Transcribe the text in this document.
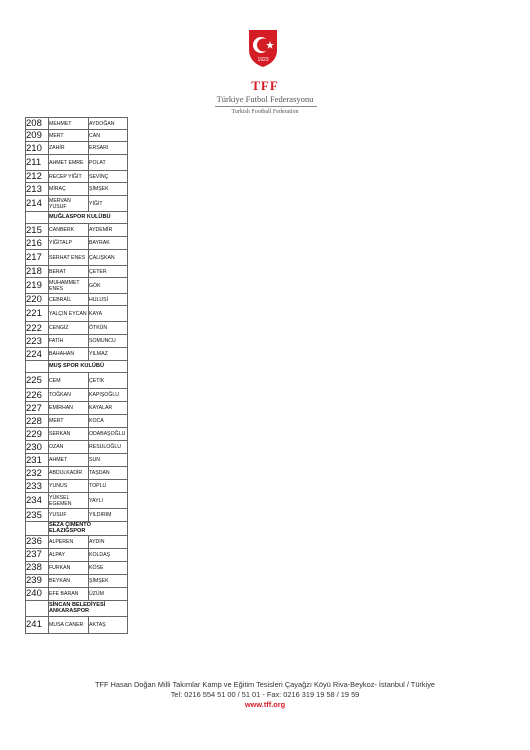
1923
TFF
Türkiye Futbol Federasyonu
Turkish Football Federation
208	MEHMET	AYDOĞAN
209	MERT	CAN
210	ZAHİR	ERSARI
211	AHMET EMRE	POLAT
212	RECEP YİĞİT	SEVİNÇ
213	MİRAÇ	ŞİMŞEK
214	MERVAN YUSUF	YİĞİT
	MUĞLASPOR KULÜBÜ	
215	CANBERK	AYDEMİR
216	YİĞİTALP	BAYRAK
217	SERHAT ENES	ÇALIŞKAN
218	BERAT	ÇETER
219	MUHAMMET ENES	GÖK
220	CEBRAİL	HULUSİ
221	YALÇIN EYCAN	KAYA
222	CENGİZ	ÖTKÜN
223	FATİH	SOMUNCU
224	BAHAHAN	YILMAZ
	MUŞ SPOR KULÜBÜ	
225	CEM	ÇETİK
226	TOĞKAN	KAPIŞOĞLU
227	EMİRHAN	KAYALAR
228	MERT	KOCA
229	SERKAN	ODABAŞOĞLU
230	OZAN	RESULOĞLU
231	AHMET	SUN
232	ABDULKADİR	TAŞDAN
233	YUNUS	TOPLU
234	YÜKSEL EGEMEN	YAYLI
235	YUSUF	YILDIRIM
	SEZA ÇİMENTO ELAZIĞSPOR	
236	ALPEREN	AYDIN
237	ALPAY	KOLDAŞ
238	FURKAN	KÖSE
239	BEYKAN	ŞİMŞEK
240	EFE BARAN	ÜZÜM
	SİNCAN BELEDİYESİ ANKARASPOR	
241	MUSA CANER	AKTAŞ
TFF Hasan Doğan Milli Takımlar Kamp ve Eğitim Tesisleri Çayağzı Köyü Riva-Beykoz- İstanbul / Türkiye
Tel: 0216 554 51 00 / 51 01 - Fax: 0216 319 19 58 / 19 59
www.tff.org
